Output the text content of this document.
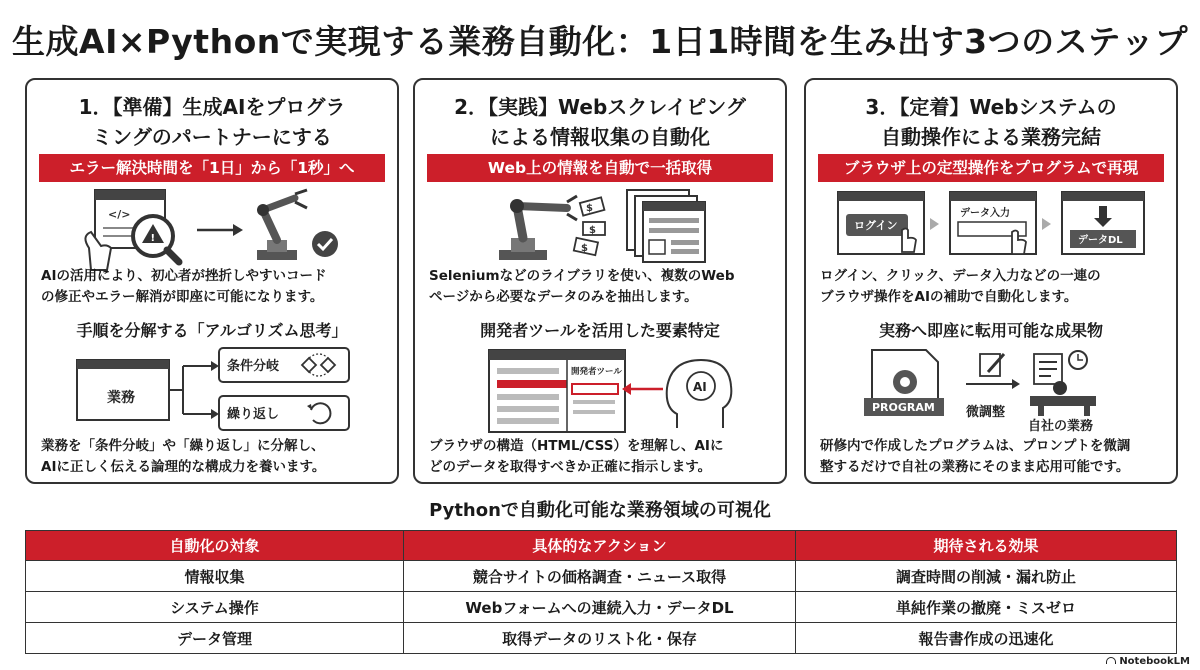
生成AI×Pythonで実現する業務自動化：1日1時間を生み出す3つのステップ
1．【準備】生成AIをプログラ
ミングのパートナーにする
エラー解決時間を「1日」から「1秒」へ
</>
!
AIの活用により、初心者が挫折しやすいコード
の修正やエラー解消が即座に可能になります。
手順を分解する「アルゴリズム思考」
業務
条件分岐
繰り返し
業務を「条件分岐」や「繰り返し」に分解し、
AIに正しく伝える論理的な構成力を養います。
2．【実践】Webスクレイピング
による情報収集の自動化
Web上の情報を自動で一括取得
$
$
$
Seleniumなどのライブラリを使い、複数のWeb
ページから必要なデータのみを抽出します。
開発者ツールを活用した要素特定
開発者ツール
AI
ブラウザの構造（HTML/CSS）を理解し、AIに
どのデータを取得すべきか正確に指示します。
3．【定着】Webシステムの
自動操作による業務完結
ブラウザ上の定型操作をプログラムで再現
ログイン
データ入力
データDL
ログイン、クリック、データ入力などの一連の
ブラウザ操作をAIの補助で自動化します。
実務へ即座に転用可能な成果物
PROGRAM 微調整
自社の業務
研修内で作成したプログラムは、プロンプトを微調
整するだけで自社の業務にそのまま応用可能です。
Pythonで自動化可能な業務領域の可視化
自動化の対象	具体的なアクション	期待される効果
情報収集	競合サイトの価格調査・ニュース取得	調査時間の削減・漏れ防止
システム操作	Webフォームへの連続入力・データDL	単純作業の撤廃・ミスゼロ
データ管理	取得データのリスト化・保存	報告書作成の迅速化
NotebookLM
